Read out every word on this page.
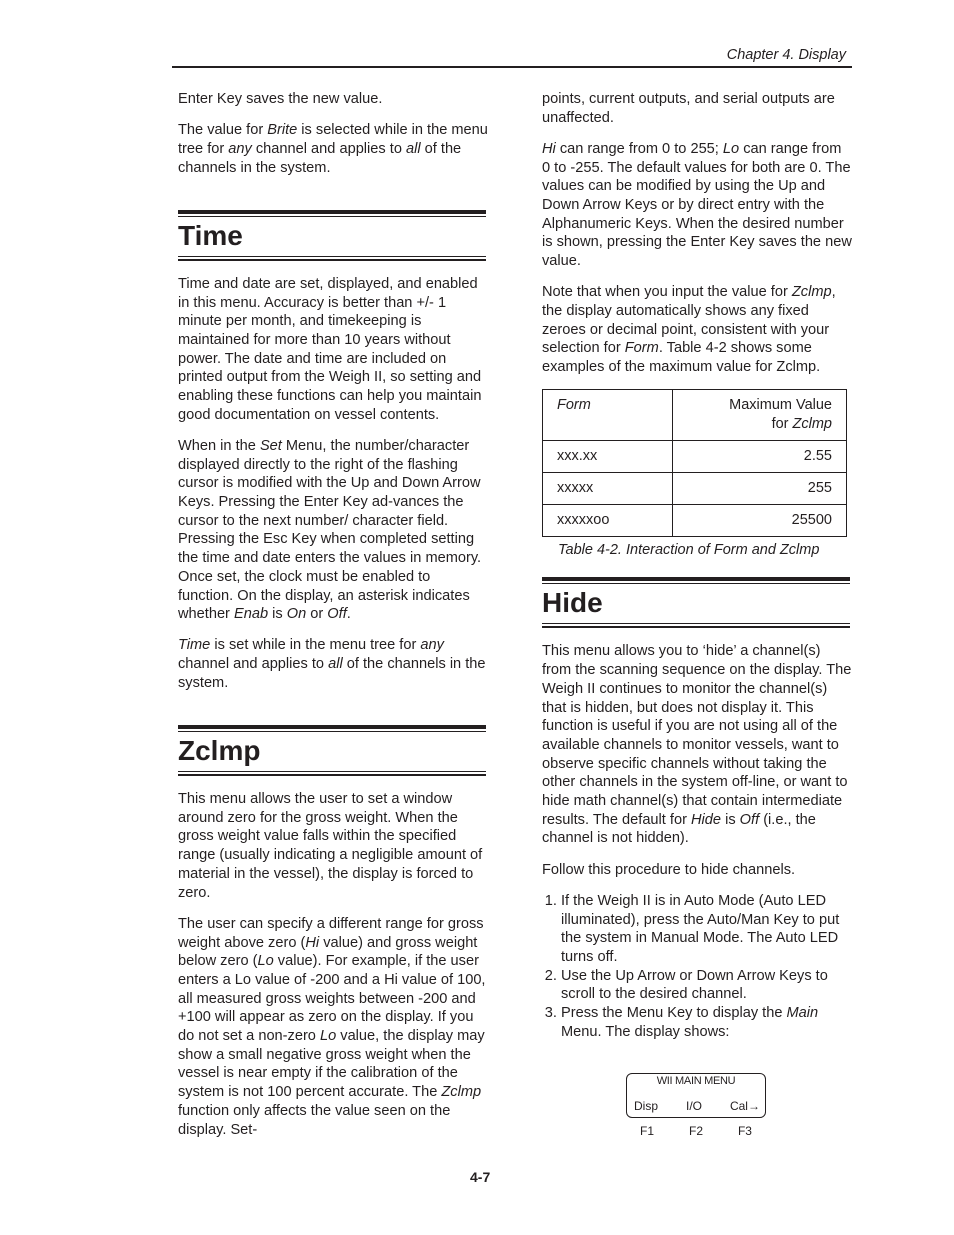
Chapter 4. Display

Enter Key saves the new value.

The value for Brite is selected while in the menu tree for any channel and applies to all of the channels in the system.

Time

Time and date are set, displayed, and enabled in this menu. Accuracy is better than +/- 1 minute per month, and timekeeping is maintained for more than 10 years without power. The date and time are included on printed output from the Weigh II, so setting and enabling these functions can help you maintain good documentation on vessel contents.

When in the Set Menu, the number/character displayed directly to the right of the flashing cursor is modified with the Up and Down Arrow Keys. Pressing the Enter Key ad-vances the cursor to the next number/ character field. Pressing the Esc Key when completed setting the time and date enters the values in memory. Once set, the clock must be enabled to function. On the display, an asterisk indicates whether Enab is On or Off.

Time is set while in the menu tree for any channel and applies to all of the channels in the system.

Zclmp

This menu allows the user to set a window around zero for the gross weight. When the gross weight value falls within the specified range (usually indicating a negligible amount of material in the vessel), the display is forced to zero.

The user can specify a different range for gross weight above zero (Hi value) and gross weight below zero (Lo value). For example, if the user enters a Lo value of -200 and a Hi value of 100, all measured gross weights between -200 and +100 will appear as zero on the display. If you do not set a non-zero Lo value, the display may show a small negative gross weight when the vessel is near empty if the calibration of the system is not 100 percent accurate. The Zclmp function only affects the value seen on the display. Set-

points, current outputs, and serial outputs are unaffected.

Hi can range from 0 to 255; Lo can range from 0 to -255. The default values for both are 0. The values can be modified by using the Up and Down Arrow Keys or by direct entry with the Alphanumeric Keys. When the desired number is shown, pressing the Enter Key saves the new value.

Note that when you input the value for Zclmp, the display automatically shows any fixed zeroes or decimal point, consistent with your selection for Form. Table 4-2 shows some examples of the maximum value for Zclmp.

Form	Maximum Value
for Zclmp
xxx.xx	2.55
xxxxx	255
xxxxxoo	25500
Table 4-2. Interaction of Form and Zclmp
Hide

This menu allows you to ‘hide’ a channel(s) from the scanning sequence on the display. The Weigh II continues to monitor the channel(s) that is hidden, but does not display it. This function is useful if you are not using all of the available channels to monitor vessels, want to observe specific channels without taking the other channels in the system off-line, or want to hide math channel(s) that contain intermediate results. The default for Hide is Off (i.e., the channel is not hidden).

Follow this procedure to hide channels.

1. If the Weigh II is in Auto Mode (Auto LED illuminated), press the Auto/Man Key to put the system in Manual Mode. The Auto LED turns off.
2. Use the Up Arrow or Down Arrow Keys to scroll to the desired channel.
3. Press the Menu Key to display the Main Menu. The display shows:
WII MAIN MENU
Disp I/O Cal→
F1	F2	F3
4-7
